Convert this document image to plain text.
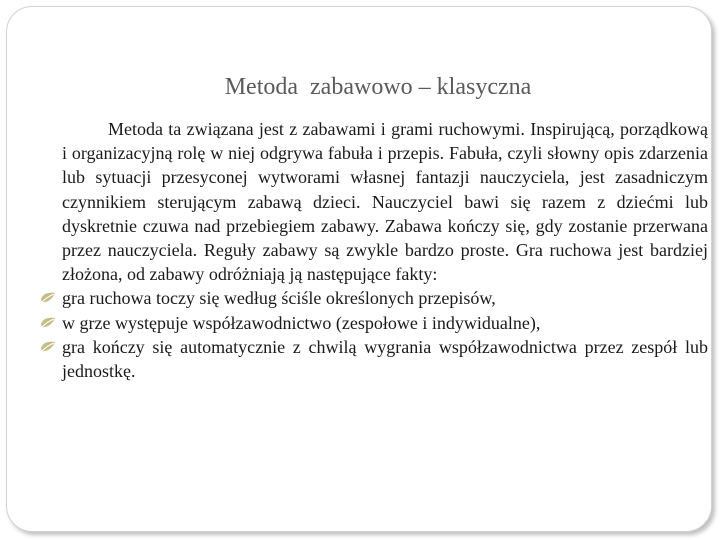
Metoda  zabawowo – klasyczna

Metoda ta związana jest z zabawami i grami ruchowymi. Inspirującą, porządkową i organizacyjną rolę w niej odgrywa fabuła i przepis. Fabuła, czyli słowny opis zdarzenia lub sytuacji przesyconej wytworami własnej fantazji nauczyciela, jest zasadniczym czynnikiem sterującym zabawą dzieci. Nauczyciel bawi się razem z dziećmi lub dyskretnie czuwa nad przebiegiem zabawy. Zabawa kończy się, gdy zostanie przerwana przez nauczyciela. Reguły zabawy są zwykle bardzo proste. Gra ruchowa jest bardziej złożona, od zabawy odróżniają ją następujące fakty:

gra ruchowa toczy się według ściśle określonych przepisów,
w grze występuje współzawodnictwo (zespołowe i indywidualne),
gra kończy się automatycznie z chwilą wygrania współzawodnictwa przez zespół lub jednostkę.
